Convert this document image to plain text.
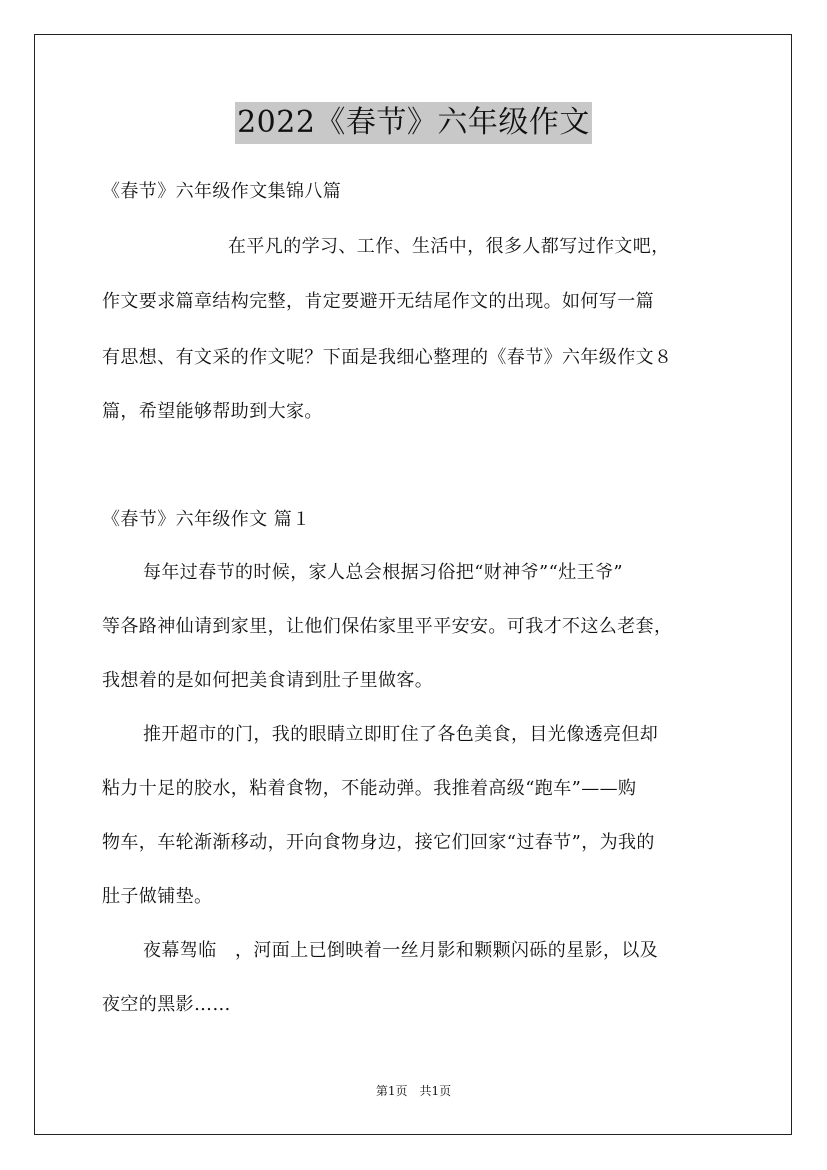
2022《春节》六年级作文
《春节》六年级作文集锦八篇
在平凡的学习、工作、生活中，很多人都写过作文吧，
作文要求篇章结构完整，肯定要避开无结尾作文的出现。如何写一篇
有思想、有文采的作文呢？下面是我细心整理的《春节》六年级作文８
篇，希望能够帮助到大家。
《春节》六年级作文 篇１
每年过春节的时候，家人总会根据习俗把“财神爷”“灶王爷”
等各路神仙请到家里，让他们保佑家里平平安安。可我才不这么老套，
我想着的是如何把美食请到肚子里做客。
推开超市的门，我的眼睛立即盯住了各色美食，目光像透亮但却
粘力十足的胶水，粘着食物，不能动弹。我推着高级“跑车”——购
物车，车轮渐渐移动，开向食物身边，接它们回家“过春节”，为我的
肚子做铺垫。
夜幕驾临　，河面上已倒映着一丝月影和颗颗闪砾的星影，以及
夜空的黑影……
第1页　共1页
